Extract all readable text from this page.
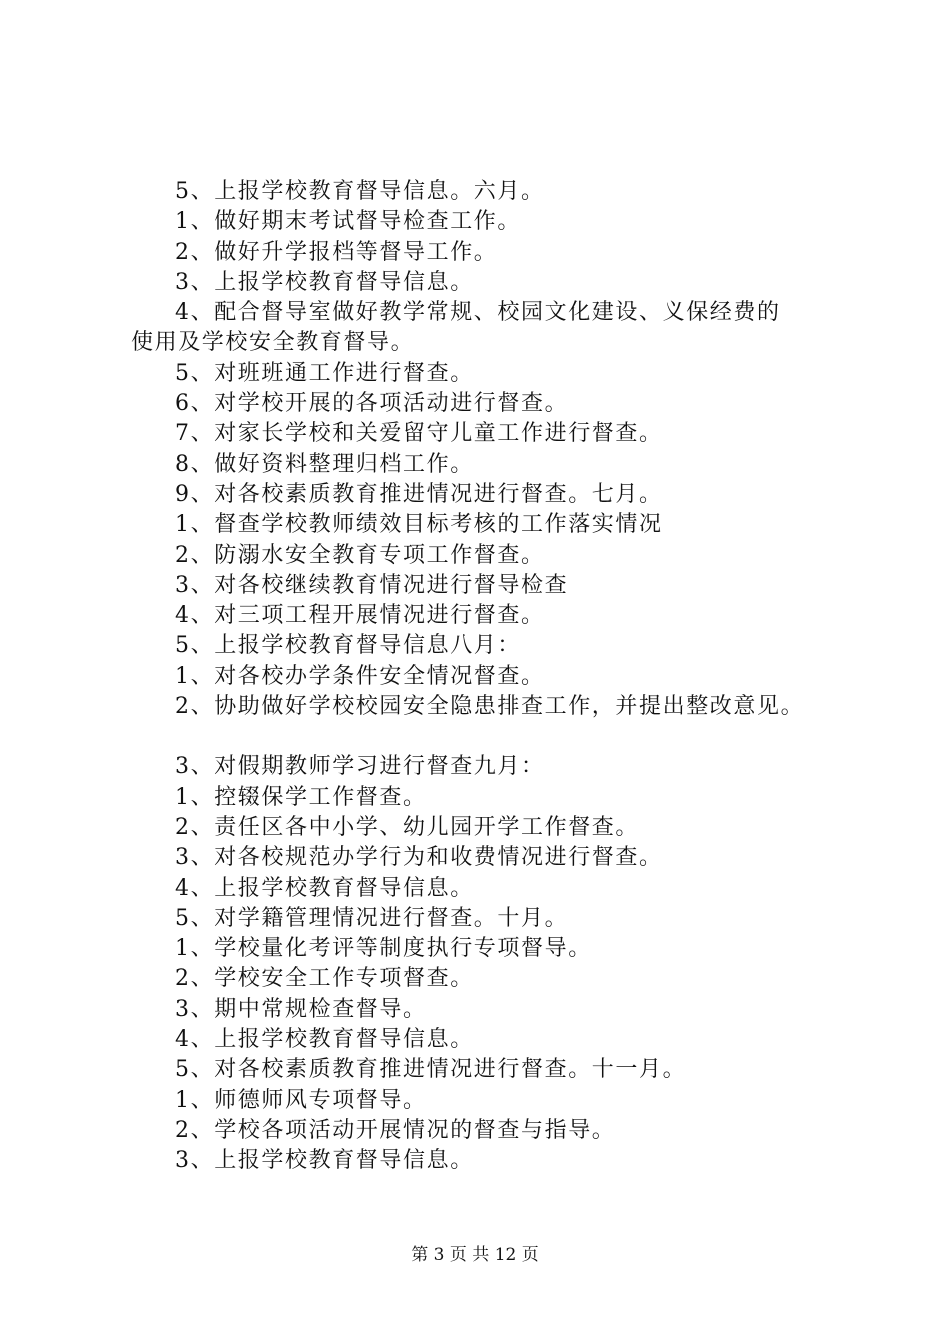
5、上报学校教育督导信息。六月。
1、做好期末考试督导检查工作。
2、做好升学报档等督导工作。
3、上报学校教育督导信息。
4、配合督导室做好教学常规、校园文化建设、义保经费的
使用及学校安全教育督导。
5、对班班通工作进行督查。
6、对学校开展的各项活动进行督查。
7、对家长学校和关爱留守儿童工作进行督查。
8、做好资料整理归档工作。
9、对各校素质教育推进情况进行督查。七月。
1、督查学校教师绩效目标考核的工作落实情况
2、防溺水安全教育专项工作督查。
3、对各校继续教育情况进行督导检查
4、对三项工程开展情况进行督查。
5、上报学校教育督导信息八月：
1、对各校办学条件安全情况督查。
2、协助做好学校校园安全隐患排查工作，并提出整改意见。
3、对假期教师学习进行督查九月：
1、控辍保学工作督查。
2、责任区各中小学、幼儿园开学工作督查。
3、对各校规范办学行为和收费情况进行督查。
4、上报学校教育督导信息。
5、对学籍管理情况进行督查。十月。
1、学校量化考评等制度执行专项督导。
2、学校安全工作专项督查。
3、期中常规检查督导。
4、上报学校教育督导信息。
5、对各校素质教育推进情况进行督查。十一月。
1、师德师风专项督导。
2、学校各项活动开展情况的督查与指导。
3、上报学校教育督导信息。
第 3 页 共 12 页
